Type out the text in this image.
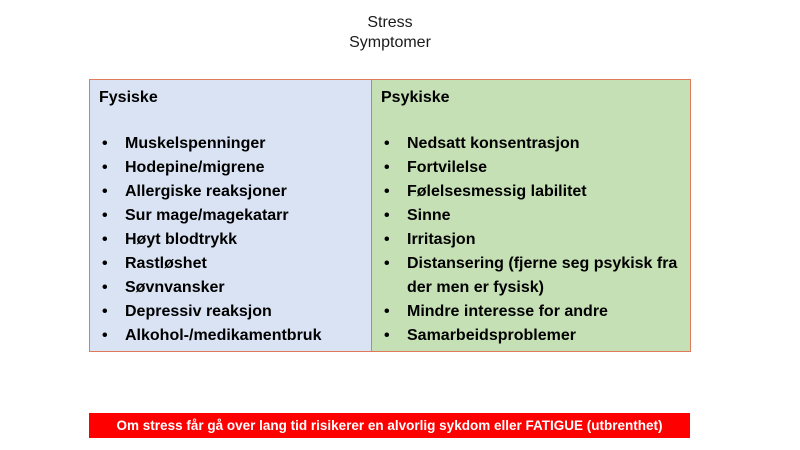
Stress
Symptomer
Fysiske
•	Muskelspenninger
•	Hodepine/migrene
•	Allergiske reaksjoner
•	Sur mage/magekatarr
•	Høyt blodtrykk
•	Rastløshet
•	Søvnvansker
•	Depressiv reaksjon
•	Alkohol-/medikamentbruk
Psykiske
•	Nedsatt konsentrasjon
•	Fortvilelse
•	Følelsesmessig labilitet
•	Sinne
•	Irritasjon
•	Distansering (fjerne seg psykisk fra der men er fysisk)
•	Mindre interesse for andre
•	Samarbeidsproblemer
Om stress får gå over lang tid risikerer en alvorlig sykdom eller FATIGUE (utbrenthet)
